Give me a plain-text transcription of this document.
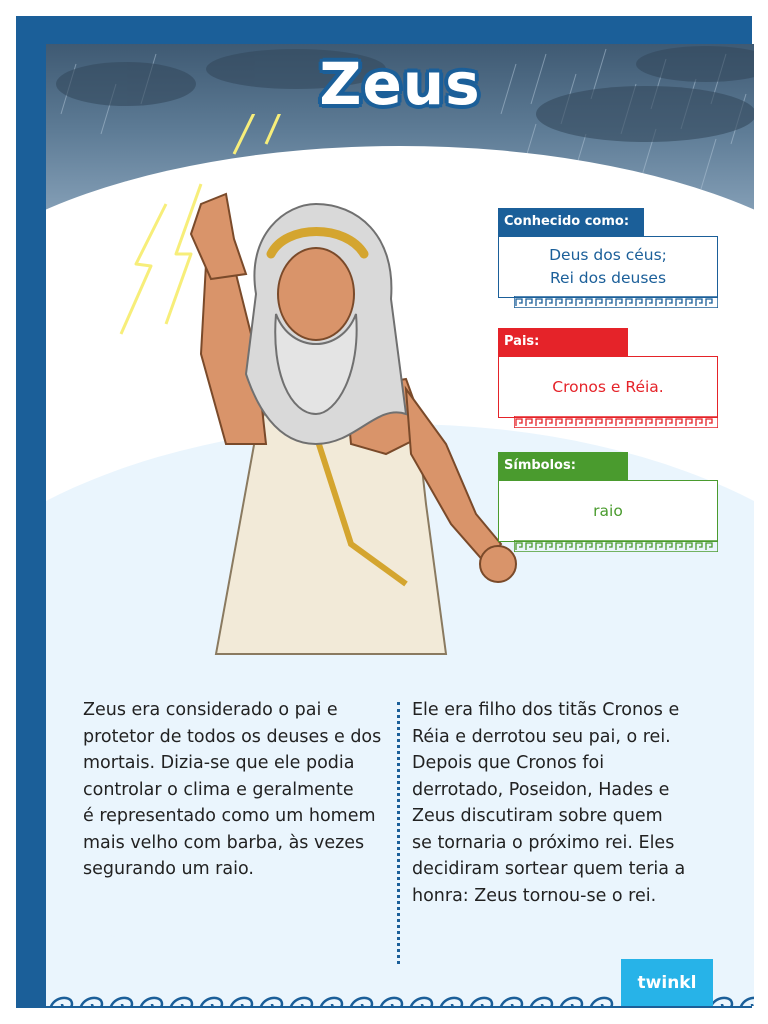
Zeus
Conhecido como:
Deus dos céus;
Rei dos deuses
Pais:
Cronos e Réia.
Símbolos:
raio
Zeus era considerado o pai e
protetor de todos os deuses e dos
mortais. Dizia-se que ele podia
controlar o clima e geralmente
é representado como um homem
mais velho com barba, às vezes
segurando um raio.
Ele era filho dos titãs Cronos e
Réia e derrotou seu pai, o rei.
Depois que Cronos foi
derrotado, Poseidon, Hades e
Zeus discutiram sobre quem
se tornaria o próximo rei. Eles
decidiram sortear quem teria a
honra: Zeus tornou-se o rei.
twinkl
